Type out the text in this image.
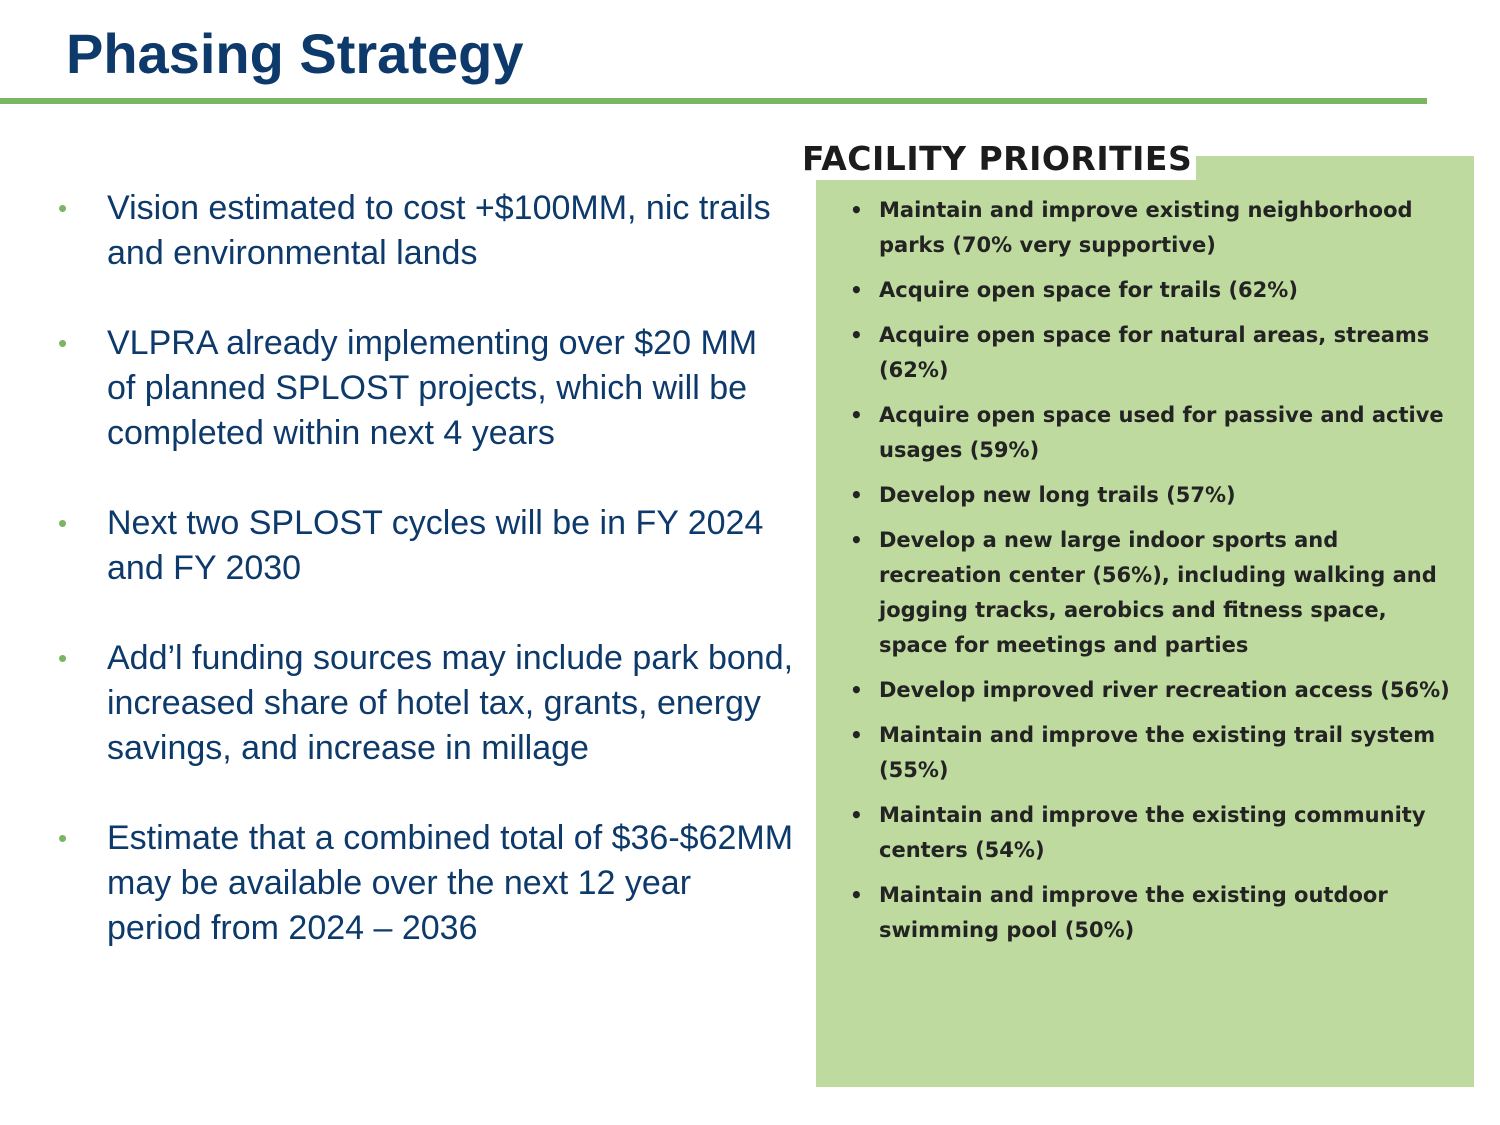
Phasing Strategy
• Vision estimated to cost +$100MM, nic trails and environmental lands
• VLPRA already implementing over $20 MM of planned SPLOST projects, which will be completed within next 4 years
• Next two SPLOST cycles will be in FY 2024 and FY 2030
• Add’l funding sources may include park bond, increased share of hotel tax, grants, energy savings, and increase in millage
• Estimate that a combined total of $36-$62MM may be available over the next 12 year period from 2024 – 2036
FACILITY PRIORITIES
• Maintain and improve existing neighborhood parks (70% very supportive)
• Acquire open space for trails (62%)
• Acquire open space for natural areas, streams (62%)
• Acquire open space used for passive and active usages (59%)
• Develop new long trails (57%)
• Develop a new large indoor sports and recreation center (56%), including walking and jogging tracks, aerobics and fitness space, space for meetings and parties
• Develop improved river recreation access (56%)
• Maintain and improve the existing trail system (55%)
• Maintain and improve the existing community centers (54%)
• Maintain and improve the existing outdoor swimming pool (50%)
